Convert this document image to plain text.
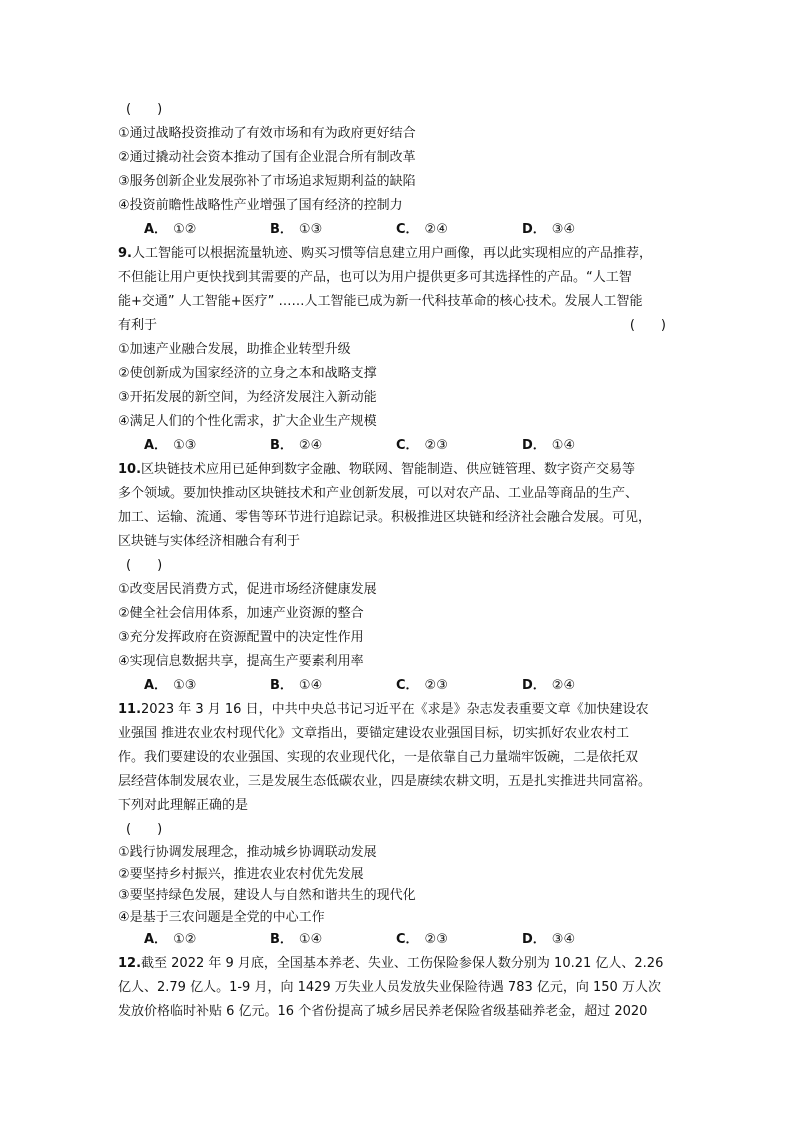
(　　)
①通过战略投资推动了有效市场和有为政府更好结合
②通过撬动社会资本推动了国有企业混合所有制改革
③服务创新企业发展弥补了市场追求短期利益的缺陷
④投资前瞻性战略性产业增强了国有经济的控制力
A． ①②	B． ①③	C． ②④	D． ③④
9.人工智能可以根据流量轨迹、购买习惯等信息建立用户画像，再以此实现相应的产品推荐，
不但能让用户更快找到其需要的产品，也可以为用户提供更多可其选择性的产品。“人工智
能+交通” 人工智能+医疗” ……人工智能已成为新一代科技革命的核心技术。发展人工智能
有利于	(　　)
①加速产业融合发展，助推企业转型升级
②使创新成为国家经济的立身之本和战略支撑
③开拓发展的新空间，为经济发展注入新动能
④满足人们的个性化需求，扩大企业生产规模
A． ①③	B． ②④	C． ②③	D． ①④
10.区块链技术应用已延伸到数字金融、物联网、智能制造、供应链管理、数字资产交易等
多个领域。要加快推动区块链技术和产业创新发展，可以对农产品、工业品等商品的生产、
加工、运输、流通、零售等环节进行追踪记录。积极推进区块链和经济社会融合发展。可见，
区块链与实体经济相融合有利于
(　　)
①改变居民消费方式，促进市场经济健康发展
②健全社会信用体系，加速产业资源的整合
③充分发挥政府在资源配置中的决定性作用
④实现信息数据共享，提高生产要素利用率
A． ①③	B． ①④	C． ②③	D． ②④
11.2023 年 3 月 16 日，中共中央总书记习近平在《求是》杂志发表重要文章《加快建设农
业强国 推进农业农村现代化》文章指出，要锚定建设农业强国目标，切实抓好农业农村工
作。我们要建设的农业强国、实现的农业现代化，一是依靠自己力量端牢饭碗，二是依托双
层经营体制发展农业，三是发展生态低碳农业，四是赓续农耕文明，五是扎实推进共同富裕。
下列对此理解正确的是
(　　)
①践行协调发展理念，推动城乡协调联动发展
②要坚持乡村振兴，推进农业农村优先发展
③要坚持绿色发展，建设人与自然和谐共生的现代化
④是基于三农问题是全党的中心工作
A． ①②	B． ①④	C． ②③	D． ③④
12.截至 2022 年 9 月底，全国基本养老、失业、工伤保险参保人数分别为 10.21 亿人、2.26
亿人、2.79 亿人。1-9 月，向 1429 万失业人员发放失业保险待遇 783 亿元，向 150 万人次
发放价格临时补贴 6 亿元。16 个省份提高了城乡居民养老保险省级基础养老金，超过 2020
